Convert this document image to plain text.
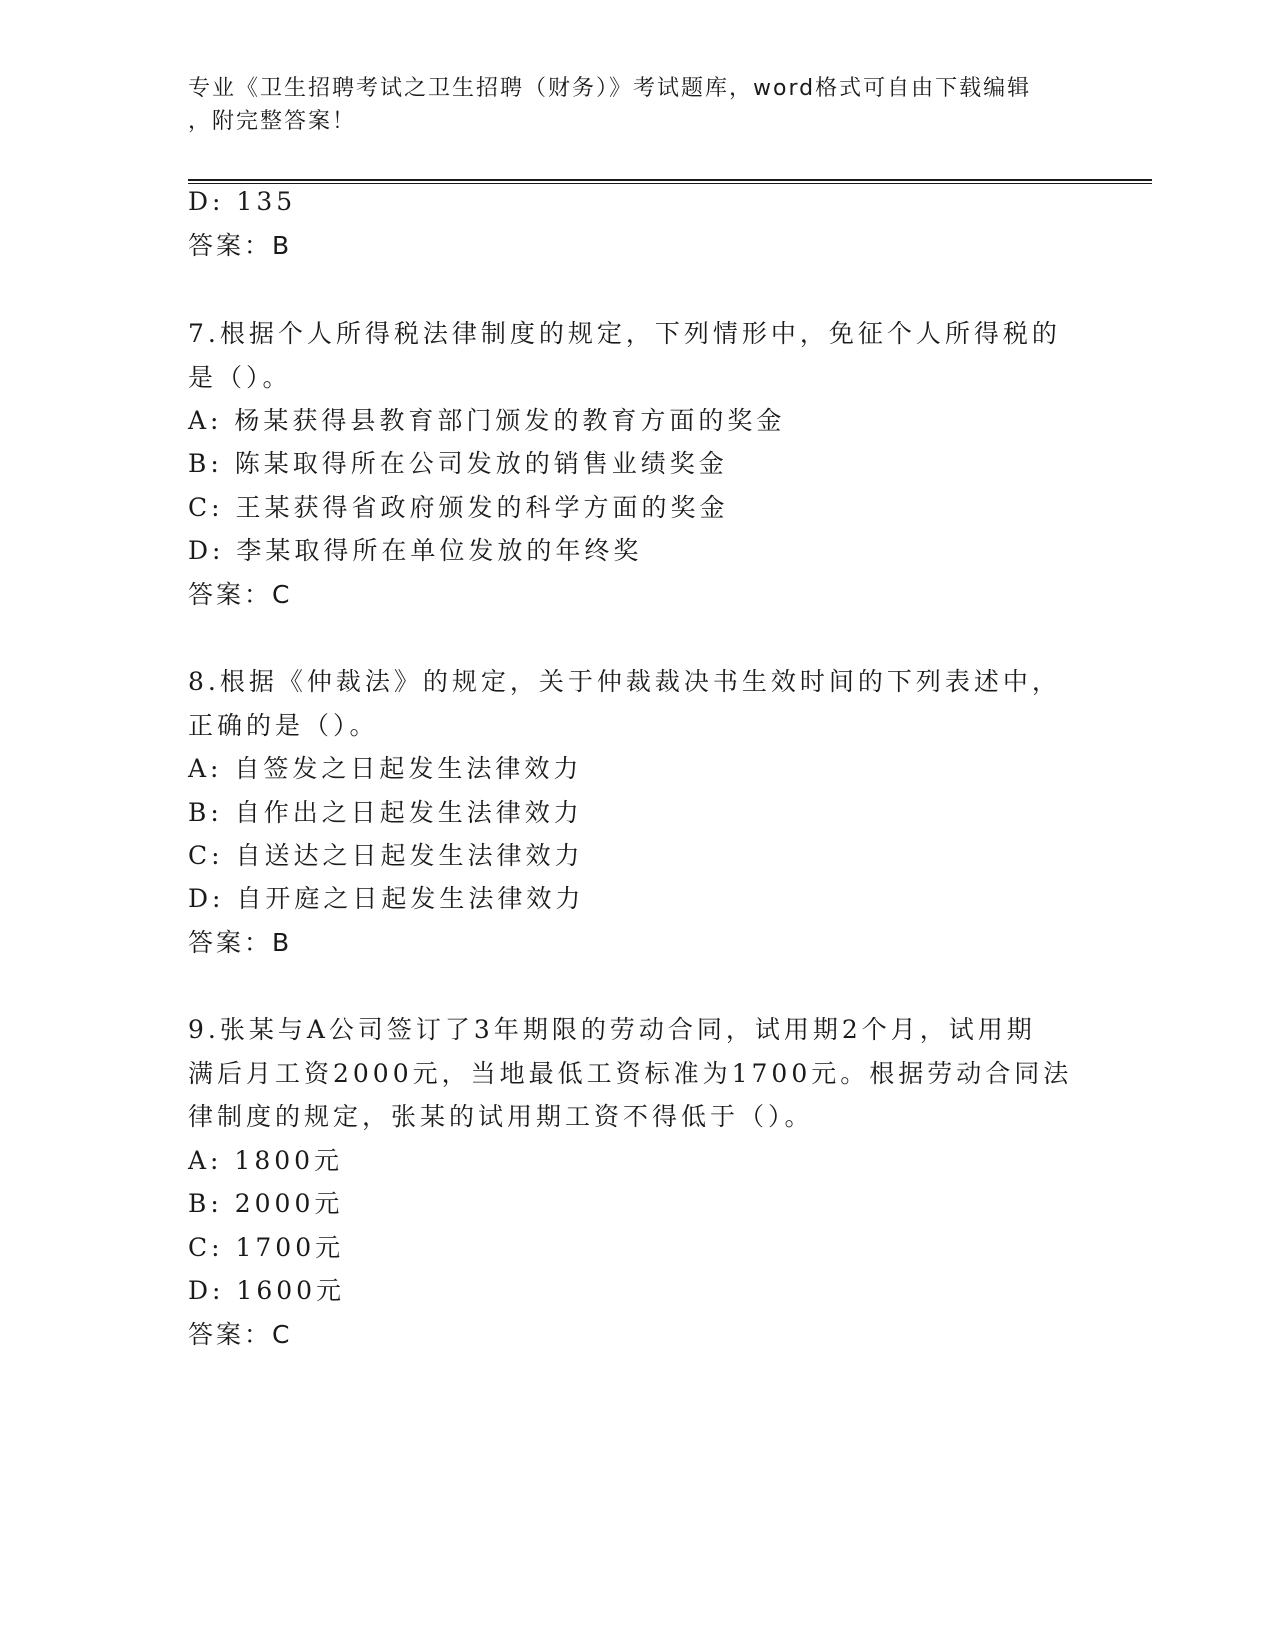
专业《卫生招聘考试之卫生招聘（财务）》考试题库，word格式可自由下载编辑
，附完整答案！
D: 135
答案：B
7.根据个人所得税法律制度的规定，下列情形中，免征个人所得税的
是（）。
A: 杨某获得县教育部门颁发的教育方面的奖金
B: 陈某取得所在公司发放的销售业绩奖金
C: 王某获得省政府颁发的科学方面的奖金
D: 李某取得所在单位发放的年终奖
答案：C
8.根据《仲裁法》的规定，关于仲裁裁决书生效时间的下列表述中，
正确的是（）。
A: 自签发之日起发生法律效力
B: 自作出之日起发生法律效力
C: 自送达之日起发生法律效力
D: 自开庭之日起发生法律效力
答案：B
9.张某与A公司签订了3年期限的劳动合同，试用期2个月，试用期
满后月工资2000元，当地最低工资标准为1700元。根据劳动合同法
律制度的规定，张某的试用期工资不得低于（）。
A: 1800元
B: 2000元
C: 1700元
D: 1600元
答案：C
